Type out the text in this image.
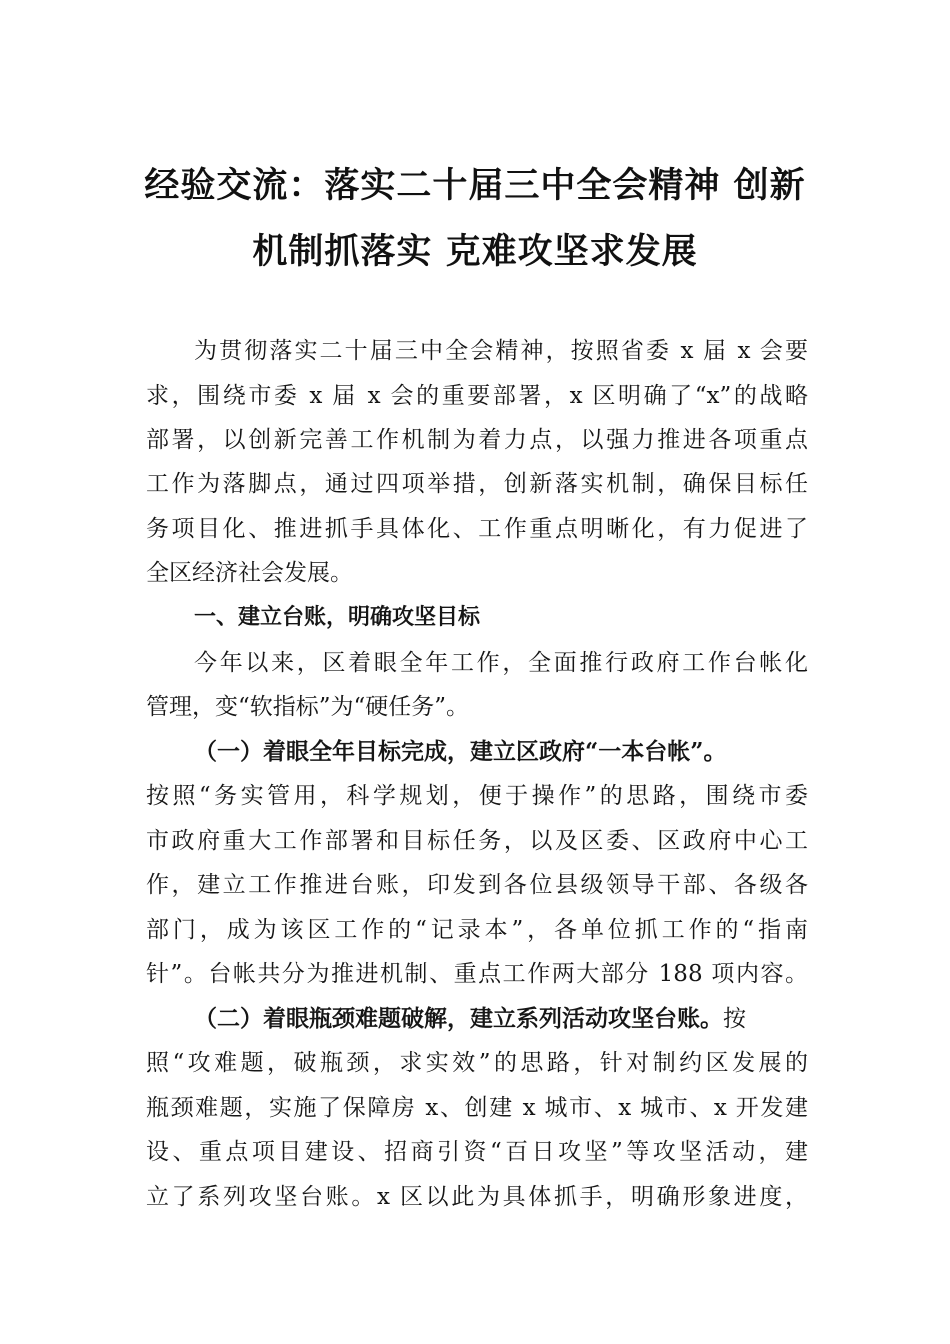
经验交流：落实二十届三中全会精神 创新
机制抓落实 克难攻坚求发展
为贯彻落实二十届三中全会精神，按照省委 x 届 x 会要
求，围绕市委 x 届 x 会的重要部署，x 区明确了“x”的战略
部署，以创新完善工作机制为着力点，以强力推进各项重点
工作为落脚点，通过四项举措，创新落实机制，确保目标任
务项目化、推进抓手具体化、工作重点明晰化，有力促进了
全区经济社会发展。
一、建立台账，明确攻坚目标
今年以来，区着眼全年工作，全面推行政府工作台帐化
管理，变“软指标”为“硬任务”。
（一）着眼全年目标完成，建立区政府“一本台帐”。
按照“务实管用，科学规划，便于操作”的思路，围绕市委
市政府重大工作部署和目标任务，以及区委、区政府中心工
作，建立工作推进台账，印发到各位县级领导干部、各级各
部门，成为该区工作的“记录本”，各单位抓工作的“指南
针”。台帐共分为推进机制、重点工作两大部分 188 项内容。
（二）着眼瓶颈难题破解，建立系列活动攻坚台账。按
照“攻难题，破瓶颈，求实效”的思路，针对制约区发展的
瓶颈难题，实施了保障房 x、创建 x 城市、x 城市、x 开发建
设、重点项目建设、招商引资“百日攻坚”等攻坚活动，建
立了系列攻坚台账。x 区以此为具体抓手，明确形象进度，
